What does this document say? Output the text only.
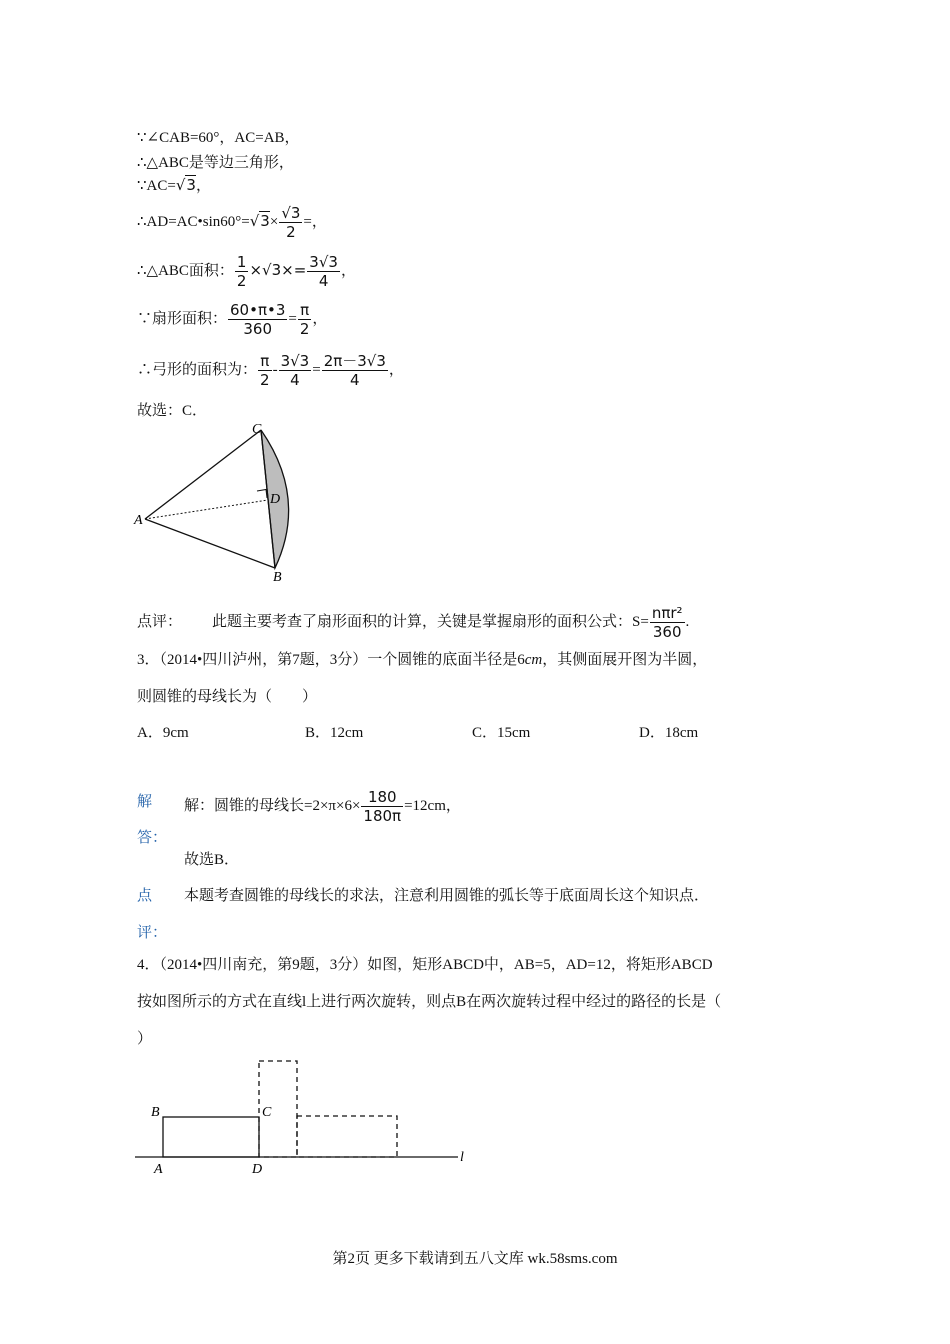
∵∠CAB=60°，AC=AB，
∴△ABC是等边三角形，
∵AC=√3，
∴AD=AC•sin60°=√3× $\frac{√3}{2}$ =，
∴△ABC面积： $\frac{1}{2} \times√3\times= \frac{3√3}{4}$ ，
∵扇形面积： $\frac{60•\pi•3}{360} = \frac{\pi}{2}$ ，
∴弓形的面积为： $\frac{\pi}{2} - \frac{3√3}{4} = \frac{2\pi-3√3}{4}$ ，
故选：C．
C
D
A
B
点评： 此题主要考查了扇形面积的计算，关键是掌握扇形的面积公式：$S= \frac{\text{nπr²}}{360}$ .
3．（2014•四川泸州，第7题，3分）一个圆锥的底面半径是6cm，其侧面展开图为半圆，
则圆锥的母线长为（　　）
A．9cm	B．12cm	C．15cm	D．18cm
解
答：
解：圆锥的母线长$=2\times\pi\times 6\times \frac{180}{180\pi} =12cm$，
故选B．
点
评：
本题考查圆锥的母线长的求法，注意利用圆锥的弧长等于底面周长这个知识点．
4．（2014•四川南充，第9题，3分）如图，矩形ABCD中，AB=5，AD=12，将矩形ABCD
按如图所示的方式在直线l上进行两次旋转，则点B在两次旋转过程中经过的路径的长是（
）
B	C
A	D
l
第2页 更多下载请到五八文库 wk.58sms.com
